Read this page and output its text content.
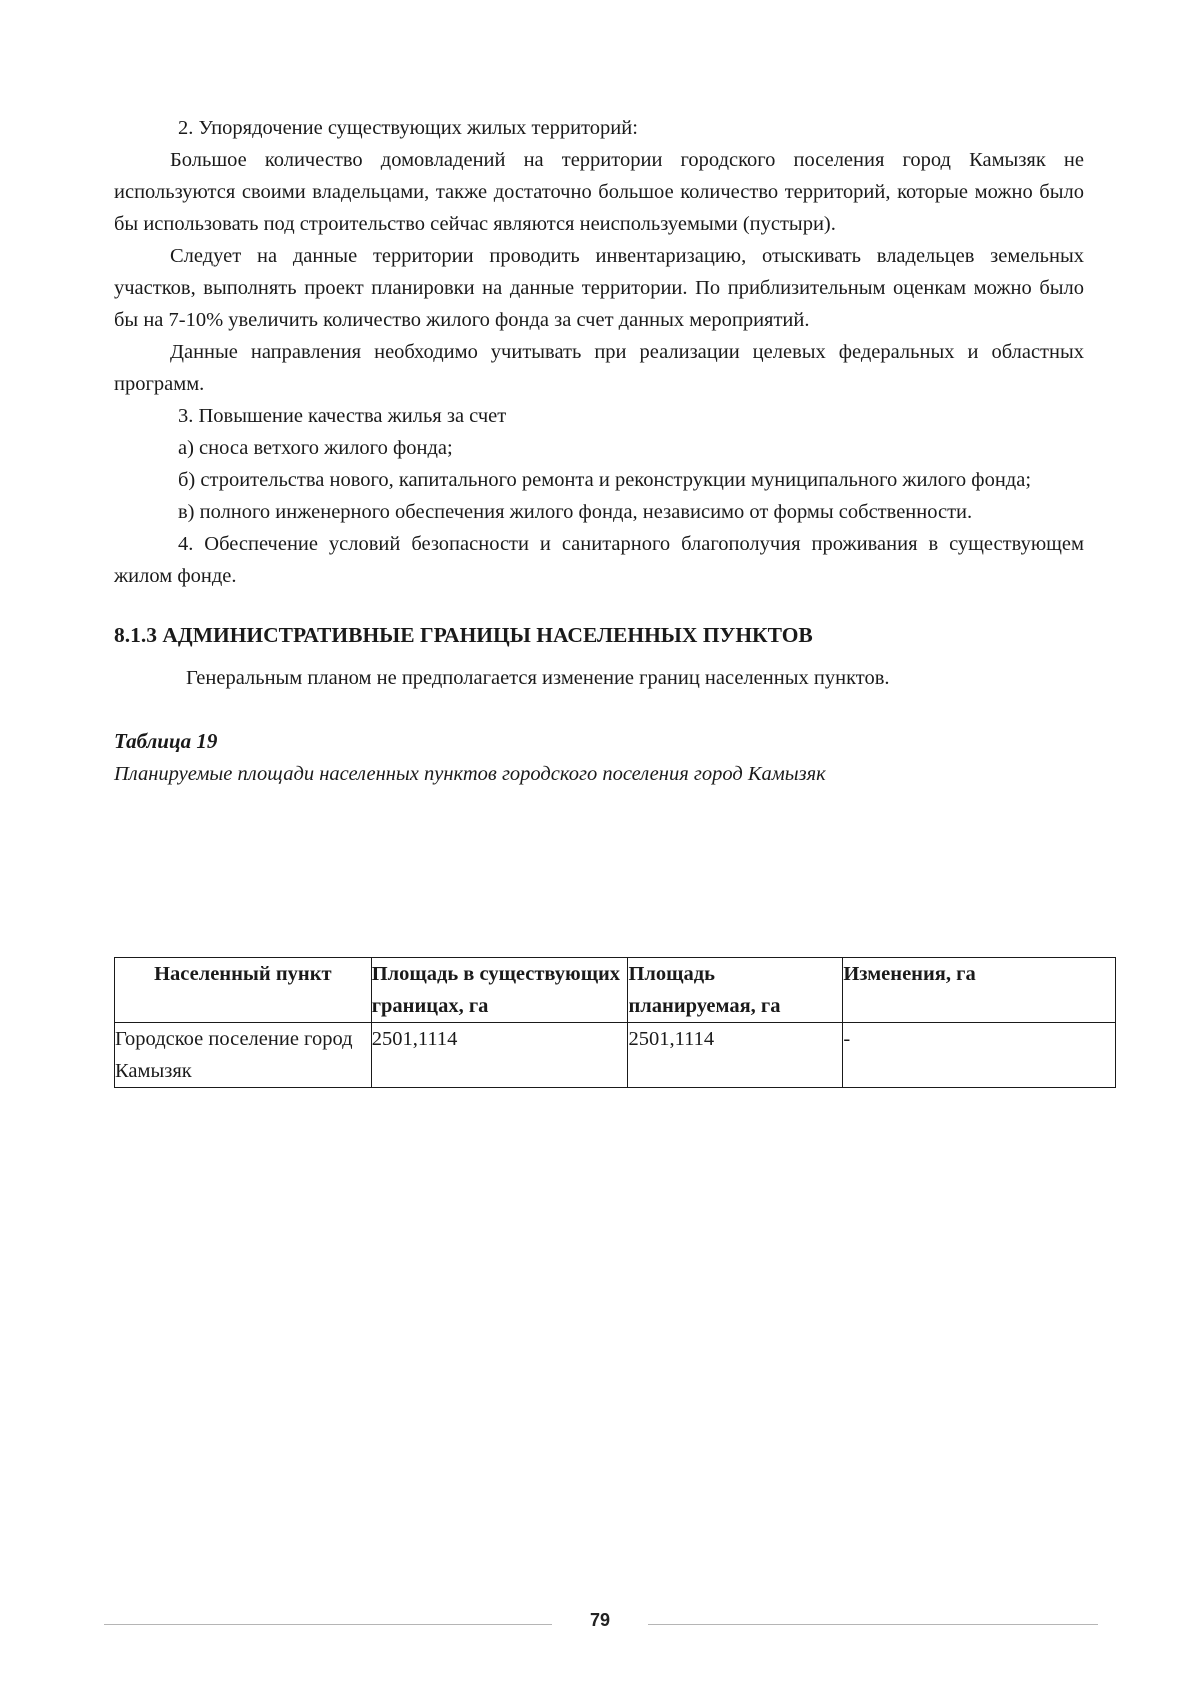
2. Упорядочение существующих жилых территорий:

Большое количество домовладений на территории городского поселения город Камызяк не используются своими владельцами, также достаточно большое количество территорий, которые можно было бы использовать под строительство сейчас являются неиспользуемыми (пустыри).

Следует на данные территории проводить инвентаризацию, отыскивать владельцев земельных участков, выполнять проект планировки на данные территории. По приблизительным оценкам можно было бы на 7-10% увеличить количество жилого фонда за счет данных мероприятий.

Данные направления необходимо учитывать при реализации целевых федеральных и областных программ.

3. Повышение качества жилья за счет

а) сноса ветхого жилого фонда;

б) строительства нового, капитального ремонта и реконструкции муниципального жилого фонда;

в) полного инженерного обеспечения жилого фонда, независимо от формы собственности.

4. Обеспечение условий безопасности и санитарного благополучия проживания в существующем жилом фонде.

8.1.3 АДМИНИСТРАТИВНЫЕ ГРАНИЦЫ НАСЕЛЕННЫХ ПУНКТОВ

Генеральным планом не предполагается изменение границ населенных пунктов.

Таблица 19
Планируемые площади населенных пунктов городского поселения город Камызяк
Населенный пункт	Площадь в существующих границах, га	Площадь планируемая, га	Изменения, га
Городское поселение город Камызяк	2501,1114	2501,1114	-
79
